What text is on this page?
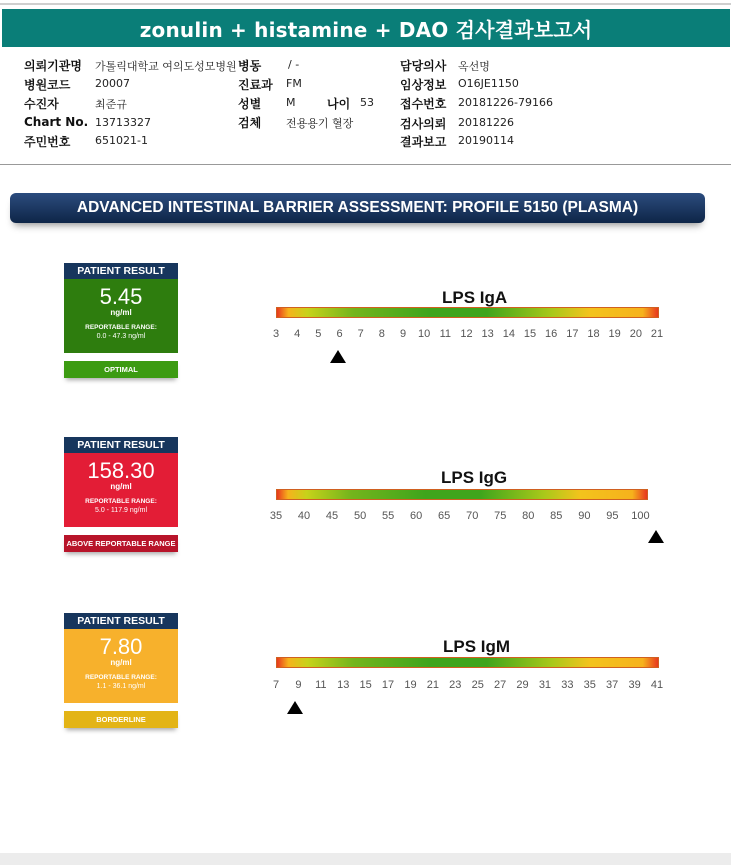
zonulin + histamine + DAO 검사결과보고서
의뢰기관명 가톨릭대학교 여의도성모병원 병동 / -	담당의사 옥선명
병원코드 20007	진료과 FM	임상정보 O16JE1150
수진자	최준규	성별 M	나이 53 접수번호 20181226-79166
Chart No. 13713327	검체 전용용기 혈장	검사의뢰 20181226
주민번호 651021-1	결과보고 20190114
ADVANCED INTESTINAL BARRIER ASSESSMENT: PROFILE 5150 (PLASMA)
PATIENT RESULT
5.45
ng/ml
REPORTABLE RANGE:
0.0 - 47.3 ng/ml
OPTIMAL
PATIENT RESULT
158.30
ng/ml
REPORTABLE RANGE:
5.0 - 117.9 ng/ml
ABOVE REPORTABLE RANGE
PATIENT RESULT
7.80
ng/ml
REPORTABLE RANGE:
1.1 - 36.1 ng/ml
BORDERLINE
LPS IgA
3 4 5 6 7 8 9 10 11 12 13 14 15 16 17 18 19 20 21
LPS IgG
35 40 45 50 55 60 65 70 75 80 85 90 95 100
LPS IgM
7 9 11 13 15 17 19 21 23 25 27 29 31 33 35 37 39 41
